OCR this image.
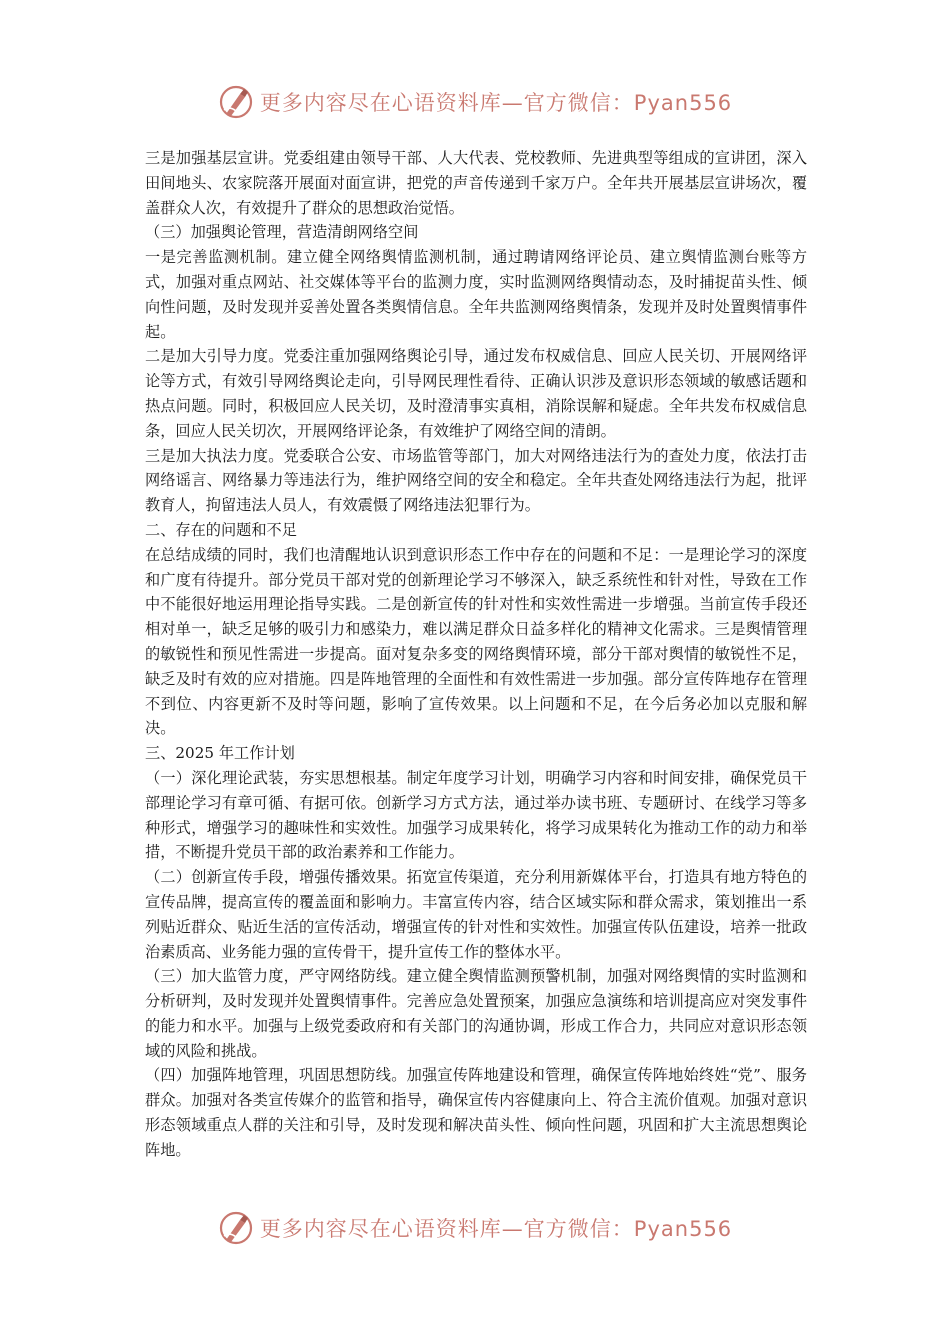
更多内容尽在心语资料库—官方微信：Pyan556

三是加强基层宣讲。党委组建由领导干部、人大代表、党校教师、先进典型等组成的宣讲团，深入田间地头、农家院落开展面对面宣讲，把党的声音传递到千家万户。全年共开展基层宣讲场次，覆盖群众人次，有效提升了群众的思想政治觉悟。

（三）加强舆论管理，营造清朗网络空间

一是完善监测机制。建立健全网络舆情监测机制，通过聘请网络评论员、建立舆情监测台账等方式，加强对重点网站、社交媒体等平台的监测力度，实时监测网络舆情动态，及时捕捉苗头性、倾向性问题，及时发现并妥善处置各类舆情信息。全年共监测网络舆情条，发现并及时处置舆情事件起。

二是加大引导力度。党委注重加强网络舆论引导，通过发布权威信息、回应人民关切、开展网络评论等方式，有效引导网络舆论走向，引导网民理性看待、正确认识涉及意识形态领域的敏感话题和热点问题。同时，积极回应人民关切，及时澄清事实真相，消除误解和疑虑。全年共发布权威信息条，回应人民关切次，开展网络评论条，有效维护了网络空间的清朗。

三是加大执法力度。党委联合公安、市场监管等部门，加大对网络违法行为的查处力度，依法打击网络谣言、网络暴力等违法行为，维护网络空间的安全和稳定。全年共查处网络违法行为起，批评教育人，拘留违法人员人，有效震慑了网络违法犯罪行为。

二、存在的问题和不足

在总结成绩的同时，我们也清醒地认识到意识形态工作中存在的问题和不足：一是理论学习的深度和广度有待提升。部分党员干部对党的创新理论学习不够深入，缺乏系统性和针对性，导致在工作中不能很好地运用理论指导实践。二是创新宣传的针对性和实效性需进一步增强。当前宣传手段还相对单一，缺乏足够的吸引力和感染力，难以满足群众日益多样化的精神文化需求。三是舆情管理的敏锐性和预见性需进一步提高。面对复杂多变的网络舆情环境，部分干部对舆情的敏锐性不足，缺乏及时有效的应对措施。四是阵地管理的全面性和有效性需进一步加强。部分宣传阵地存在管理不到位、内容更新不及时等问题，影响了宣传效果。以上问题和不足，在今后务必加以克服和解决。

三、2025 年工作计划

（一）深化理论武装，夯实思想根基。制定年度学习计划，明确学习内容和时间安排，确保党员干部理论学习有章可循、有据可依。创新学习方式方法，通过举办读书班、专题研讨、在线学习等多种形式，增强学习的趣味性和实效性。加强学习成果转化，将学习成果转化为推动工作的动力和举措，不断提升党员干部的政治素养和工作能力。

（二）创新宣传手段，增强传播效果。拓宽宣传渠道，充分利用新媒体平台，打造具有地方特色的宣传品牌，提高宣传的覆盖面和影响力。丰富宣传内容，结合区域实际和群众需求，策划推出一系列贴近群众、贴近生活的宣传活动，增强宣传的针对性和实效性。加强宣传队伍建设，培养一批政治素质高、业务能力强的宣传骨干，提升宣传工作的整体水平。

（三）加大监管力度，严守网络防线。建立健全舆情监测预警机制，加强对网络舆情的实时监测和分析研判，及时发现并处置舆情事件。完善应急处置预案，加强应急演练和培训提高应对突发事件的能力和水平。加强与上级党委政府和有关部门的沟通协调，形成工作合力，共同应对意识形态领域的风险和挑战。

（四）加强阵地管理，巩固思想防线。加强宣传阵地建设和管理，确保宣传阵地始终姓“党”、服务群众。加强对各类宣传媒介的监管和指导，确保宣传内容健康向上、符合主流价值观。加强对意识形态领域重点人群的关注和引导，及时发现和解决苗头性、倾向性问题，巩固和扩大主流思想舆论阵地。

更多内容尽在心语资料库—官方微信：Pyan556
